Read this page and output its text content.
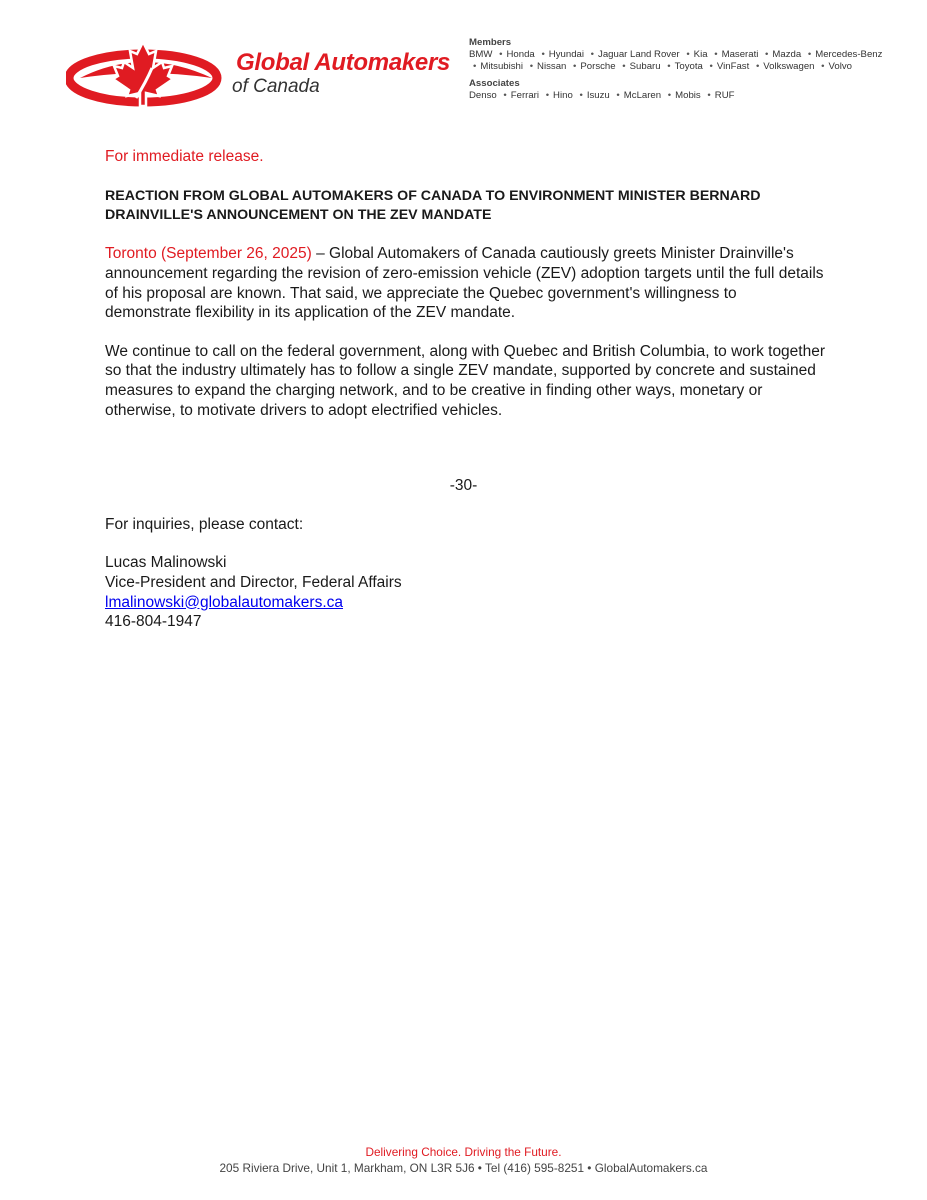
Global Automakers
of Canada
Members
BMW • Honda • Hyundai • Jaguar Land Rover • Kia • Maserati • Mazda • Mercedes-Benz • Mitsubishi • Nissan • Porsche • Subaru • Toyota • VinFast • Volkswagen • Volvo
Associates
Denso • Ferrari • Hino • Isuzu • McLaren • Mobis • RUF

For immediate release.

REACTION FROM GLOBAL AUTOMAKERS OF CANADA TO ENVIRONMENT MINISTER BERNARD DRAINVILLE'S ANNOUNCEMENT ON THE ZEV MANDATE

Toronto (September 26, 2025) – Global Automakers of Canada cautiously greets Minister Drainville's announcement regarding the revision of zero-emission vehicle (ZEV) adoption targets until the full details of his proposal are known. That said, we appreciate the Quebec government's willingness to demonstrate flexibility in its application of the ZEV mandate.

We continue to call on the federal government, along with Quebec and British Columbia, to work together so that the industry ultimately has to follow a single ZEV mandate, supported by concrete and sustained measures to expand the charging network, and to be creative in finding other ways, monetary or otherwise, to motivate drivers to adopt electrified vehicles.

-30-

For inquiries, please contact:

Lucas Malinowski
Vice-President and Director, Federal Affairs
lmalinowski@globalautomakers.ca
416-804-1947
Delivering Choice. Driving the Future.
205 Riviera Drive, Unit 1, Markham, ON L3R 5J6 • Tel (416) 595-8251 • GlobalAutomakers.ca
